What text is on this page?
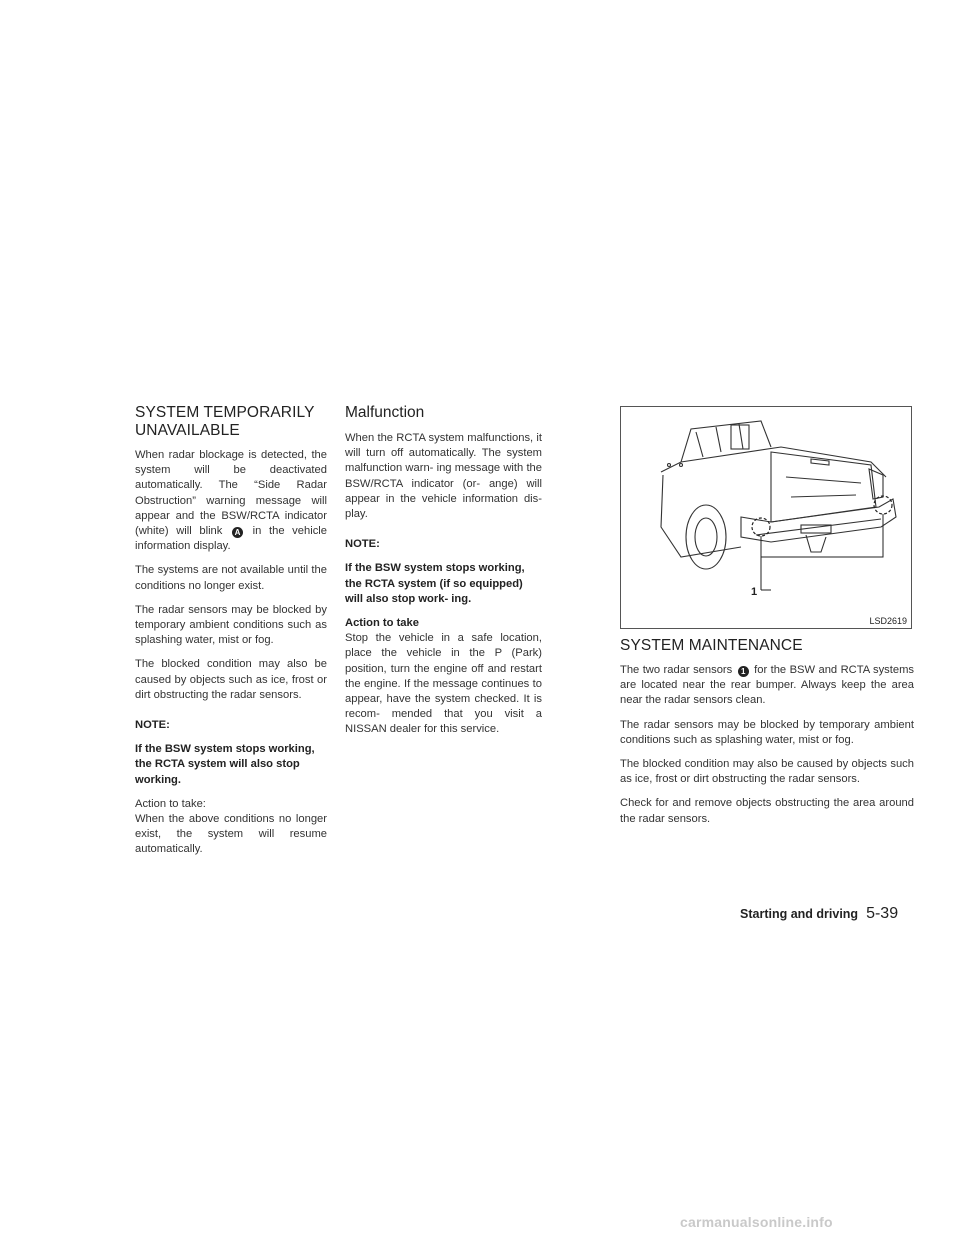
SYSTEM TEMPORARILY UNAVAILABLE

When radar blockage is detected, the system will be deactivated automatically. The “Side Radar Obstruction” warning message will appear and the BSW/RCTA indicator (white) will blink A in the vehicle information display.

The systems are not available until the conditions no longer exist.

The radar sensors may be blocked by temporary ambient conditions such as splashing water, mist or fog.

The blocked condition may also be caused by objects such as ice, frost or dirt obstructing the radar sensors.

NOTE:
If the BSW system stops working, the RCTA system will also stop working.

Action to take:

When the above conditions no longer exist, the system will resume automatically.

Malfunction

When the RCTA system malfunctions, it will turn off automatically. The system malfunction warn- ing message with the BSW/RCTA indicator (or- ange) will appear in the vehicle information dis- play.

NOTE:
If the BSW system stops working, the RCTA system (if so equipped) will also stop work- ing.
Action to take

Stop the vehicle in a safe location, place the vehicle in the P (Park) position, turn the engine off and restart the engine. If the message continues to appear, have the system checked. It is recom- mended that you visit a NISSAN dealer for this service.

1
LSD2619
SYSTEM MAINTENANCE

The two radar sensors 1 for the BSW and RCTA systems are located near the rear bumper. Always keep the area near the radar sensors clean.

The radar sensors may be blocked by temporary ambient conditions such as splashing water, mist or fog.

The blocked condition may also be caused by objects such as ice, frost or dirt obstructing the radar sensors.

Check for and remove objects obstructing the area around the radar sensors.

Starting and driving 5-39
carmanualsonline.info
